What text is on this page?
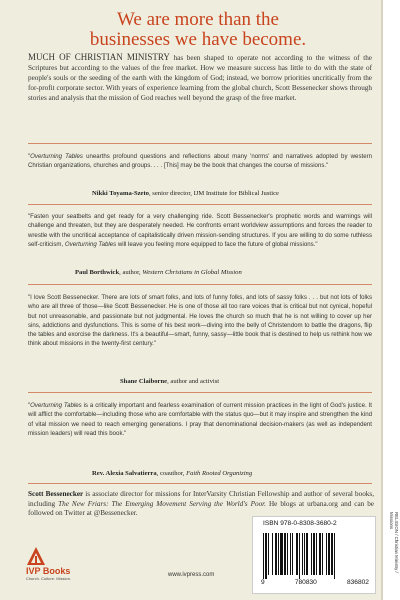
We are more than the
businesses we have become.
MUCH OF CHRISTIAN MINISTRY has been shaped to operate not according to the witness of the Scriptures but according to the values of the free market. How we measure success has little to do with the state of people's souls or the seeding of the earth with the kingdom of God; instead, we borrow priorities uncritically from the for-profit corporate sector. With years of experience learning from the global church, Scott Bessenecker shows through stories and analysis that the mission of God reaches well beyond the grasp of the free market.
"Overturning Tables unearths profound questions and reflections about many 'norms' and narratives adopted by western Christian organizations, churches and groups. . . . [This] may be the book that changes the course of missions."
Nikki Toyama-Szeto, senior director, IJM Institute for Biblical Justice
"Fasten your seatbelts and get ready for a very challenging ride. Scott Bessenecker's prophetic words and warnings will challenge and threaten, but they are desperately needed. He confronts errant worldview assumptions and forces the reader to wrestle with the uncritical acceptance of capitalistically driven mission-sending structures. If you are willing to do some ruthless self-criticism, Overturning Tables will leave you feeling more equipped to face the future of global missions."
Paul Borthwick, author, Western Christians in Global Mission
"I love Scott Bessenecker. There are lots of smart folks, and lots of funny folks, and lots of sassy folks . . . but not lots of folks who are all three of those—like Scott Bessenecker. He is one of those all too rare voices that is critical but not cynical, hopeful but not unreasonable, and passionate but not judgmental. He loves the church so much that he is not willing to cover up her sins, addictions and dysfunctions. This is some of his best work—diving into the belly of Christendom to battle the dragons, flip the tables and exorcise the darkness. It's a beautiful—smart, funny, sassy—little book that is destined to help us rethink how we think about missions in the twenty-first century."
Shane Claiborne, author and activist
"Overturning Tables is a critically important and fearless examination of current mission practices in the light of God's justice. It will afflict the comfortable—including those who are comfortable with the status quo—but it may inspire and strengthen the kind of vital mission we need to reach emerging generations. I pray that denominational decision-makers (as well as independent mission leaders) will read this book."
Rev. Alexia Salvatierra, coauthor, Faith Rooted Organizing
Scott Bessenecker is associate director for missions for InterVarsity Christian Fellowship and author of several books, including The New Friars: The Emerging Movement Serving the World's Poor. He blogs at urbana.org and can be followed on Twitter at @Bessenecker.
IVP Books
Church. Culture. Mission.
www.ivpress.com
ISBN 978-0-8308-3680-2
9	780830	836802
RELIGION / Christian Ministry / Missions
